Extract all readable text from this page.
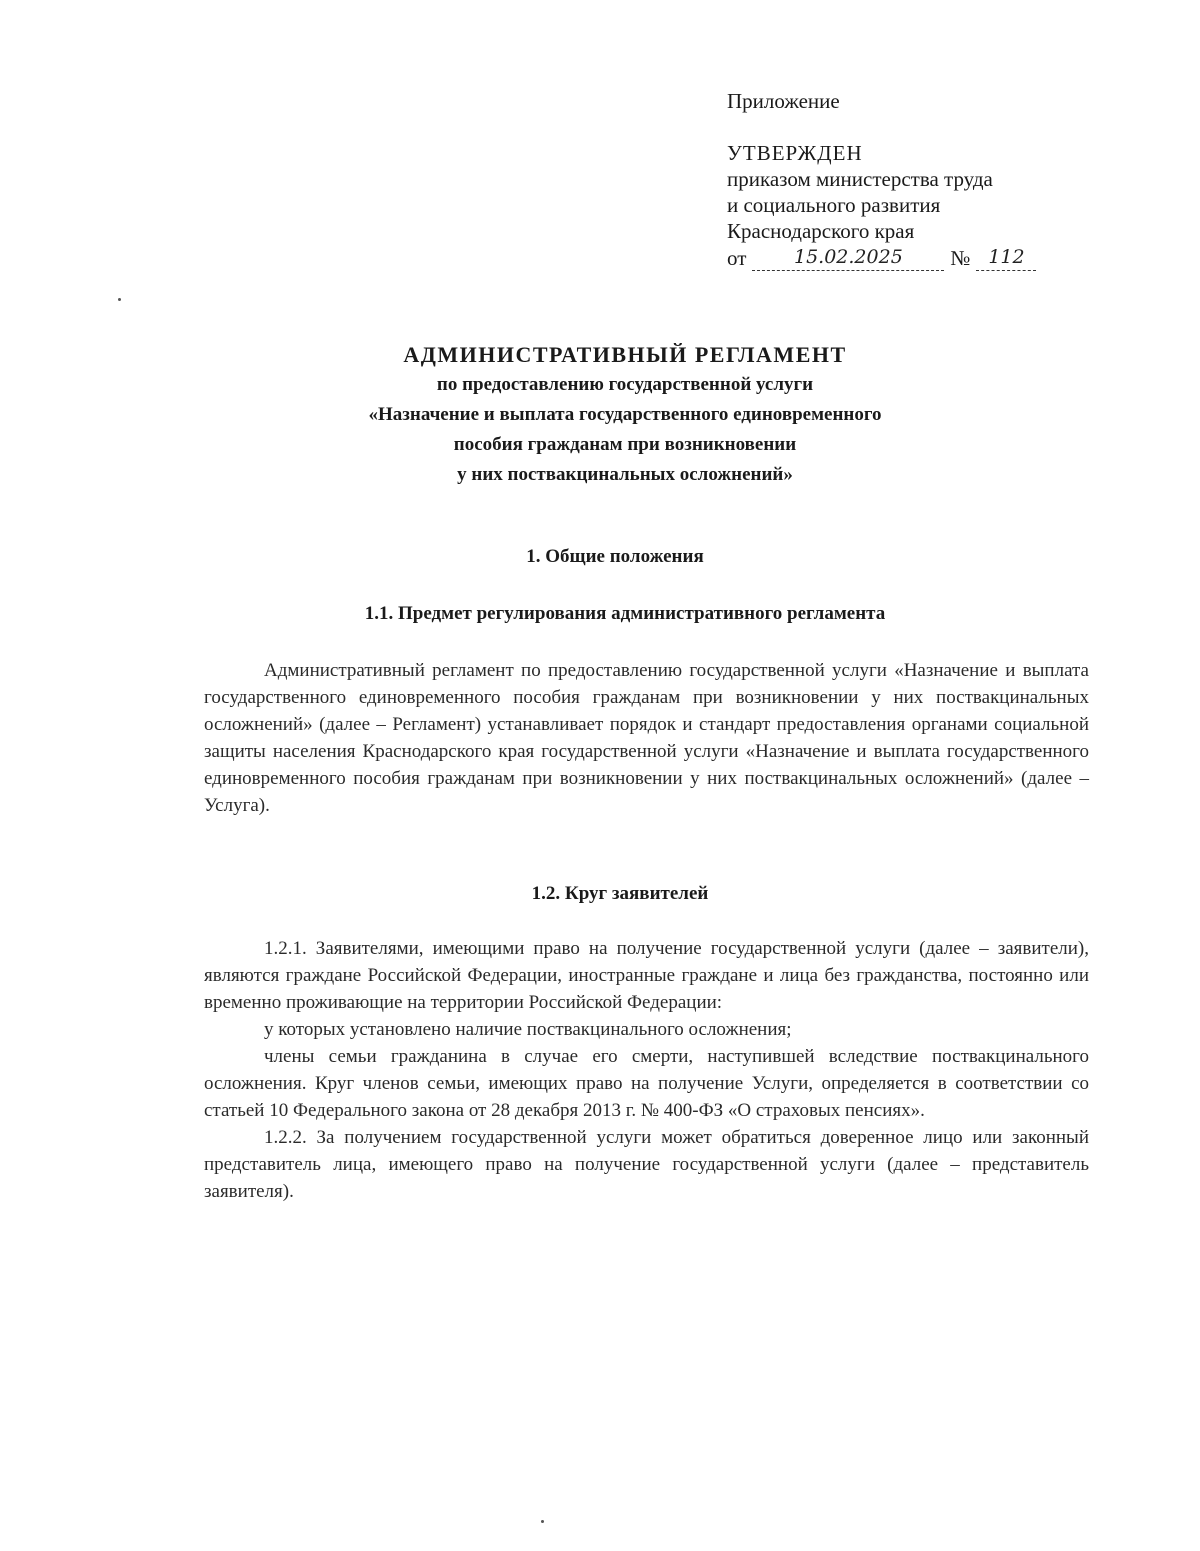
Приложение
УТВЕРЖДЕН
приказом министерства труда
и социального развития
Краснодарского края
от	15.02.2025	№ 112
АДМИНИСТРАТИВНЫЙ РЕГЛАМЕНТ
по предоставлению государственной услуги
«Назначение и выплата государственного единовременного
пособия гражданам при возникновении
у них поствакцинальных осложнений»
1. Общие положения
1.1. Предмет регулирования административного регламента

Административный регламент по предоставлению государственной услуги «Назначение и выплата государственного единовременного пособия гражданам при возникновении у них поствакцинальных осложнений» (далее – Регламент) устанавливает порядок и стандарт предоставления органами социальной защиты населения Краснодарского края государственной услуги «Назначение и выплата государственного единовременного пособия гражданам при возникновении у них поствакцинальных осложнений» (далее – Услуга).

1.2. Круг заявителей

1.2.1. Заявителями, имеющими право на получение государственной услуги (далее – заявители), являются граждане Российской Федерации, иностранные граждане и лица без гражданства, постоянно или временно проживающие на территории Российской Федерации:

у которых установлено наличие поствакцинального осложнения;

члены семьи гражданина в случае его смерти, наступившей вследствие поствакцинального осложнения. Круг членов семьи, имеющих право на получение Услуги, определяется в соответствии со статьей 10 Федерального закона от 28 декабря 2013 г. № 400-ФЗ «О страховых пенсиях».

1.2.2. За получением государственной услуги может обратиться доверенное лицо или законный представитель лица, имеющего право на получение государственной услуги (далее – представитель заявителя).
